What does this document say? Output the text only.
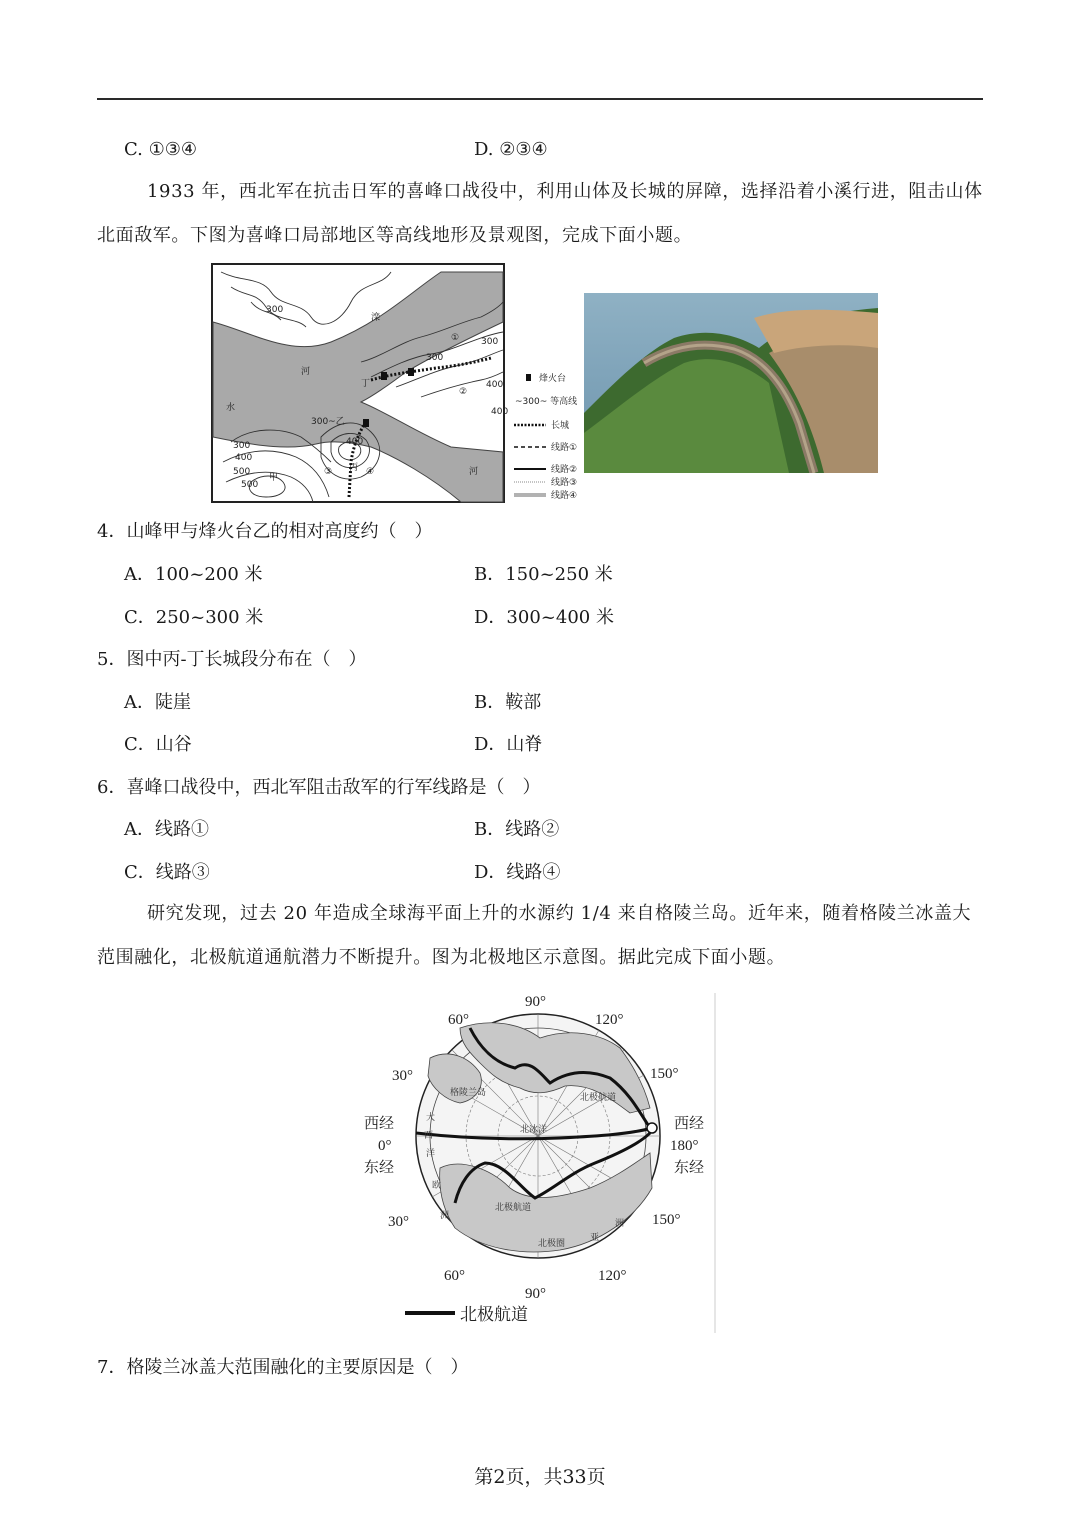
C. ①③④	D. ②③④
1933 年，西北军在抗击日军的喜峰口战役中，利用山体及长城的屏障，选择沿着小溪行进，阻击山体北面敌军。下图为喜峰口局部地区等高线地形及景观图，完成下面小题。
300
300
400
300
400
500
300
400
500
300~乙
400
甲
丁
丙
①
②
③	④
河
水
滦
河
烽火台
~300~ 等高线
长城
线路①
线路②
线路③
线路④
4．山峰甲与烽火台乙的相对高度约（　）
A．100~200 米	B．150~250 米
C．250~300 米	D．300~400 米
5．图中丙-丁长城段分布在（　）
A．陡崖	B．鞍部
C．山谷	D．山脊
6．喜峰口战役中，西北军阻击敌军的行军线路是（　）
A．线路①	B．线路②
C．线路③	D．线路④
研究发现，过去 20 年造成全球海平面上升的水源约 1/4 来自格陵兰岛。近年来，随着格陵兰冰盖大范围融化，北极航道通航潜力不断提升。图为北极地区示意图。据此完成下面小题。
90°
60°	120°
30°	150°
西经
0°
东经
西经
180°
东经
30°	150°
60°	120°
90°
格陵兰岛
北冰洋
北极航道
北极航道
北极圈
大
西
洋
欧
洲
亚
洲
北极航道
7．格陵兰冰盖大范围融化的主要原因是（　）
第2页，共33页
